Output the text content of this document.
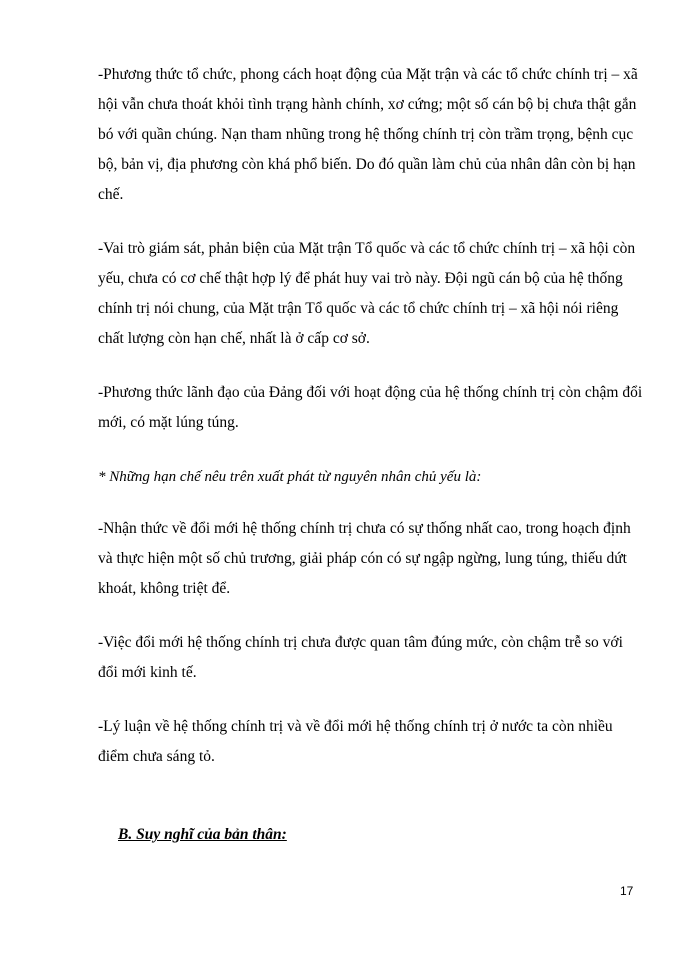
-Phương thức tổ chức, phong cách hoạt động của Mặt trận và các tổ chức chính trị – xã hội vẫn chưa thoát khỏi tình trạng hành chính, xơ cứng; một số cán bộ bị chưa thật gắn bó với quần chúng. Nạn tham nhũng trong hệ thống chính trị còn trầm trọng, bệnh cục bộ, bản vị, địa phương còn khá phổ biến. Do đó quần làm chủ của nhân dân còn bị hạn chế.

-Vai trò giám sát, phản biện của Mặt trận Tổ quốc và các tổ chức chính trị – xã hội còn yếu, chưa có cơ chế thật hợp lý để phát huy vai trò này. Đội ngũ cán bộ của hệ thống chính trị nói chung, của Mặt trận Tổ quốc và các tổ chức chính trị – xã hội nói riêng chất lượng còn hạn chế, nhất là ở cấp cơ sở.

-Phương thức lãnh đạo của Đảng đối với hoạt động của hệ thống chính trị còn chậm đổi mới, có mặt lúng túng.

* Những hạn chế nêu trên xuất phát từ nguyên nhân chủ yếu là:

-Nhận thức về đổi mới hệ thống chính trị chưa có sự thống nhất cao, trong hoạch định và thực hiện một số chủ trương, giải pháp cón có sự ngập ngừng, lung túng, thiếu dứt khoát, không triệt để.

-Việc đổi mới hệ thống chính trị chưa được quan tâm đúng mức, còn chậm trễ so với đổi mới kinh tế.

-Lý luận về hệ thống chính trị và về đổi mới hệ thống chính trị ở nước ta còn nhiều điểm chưa sáng tỏ.

B. Suy nghĩ của bản thân:

17
